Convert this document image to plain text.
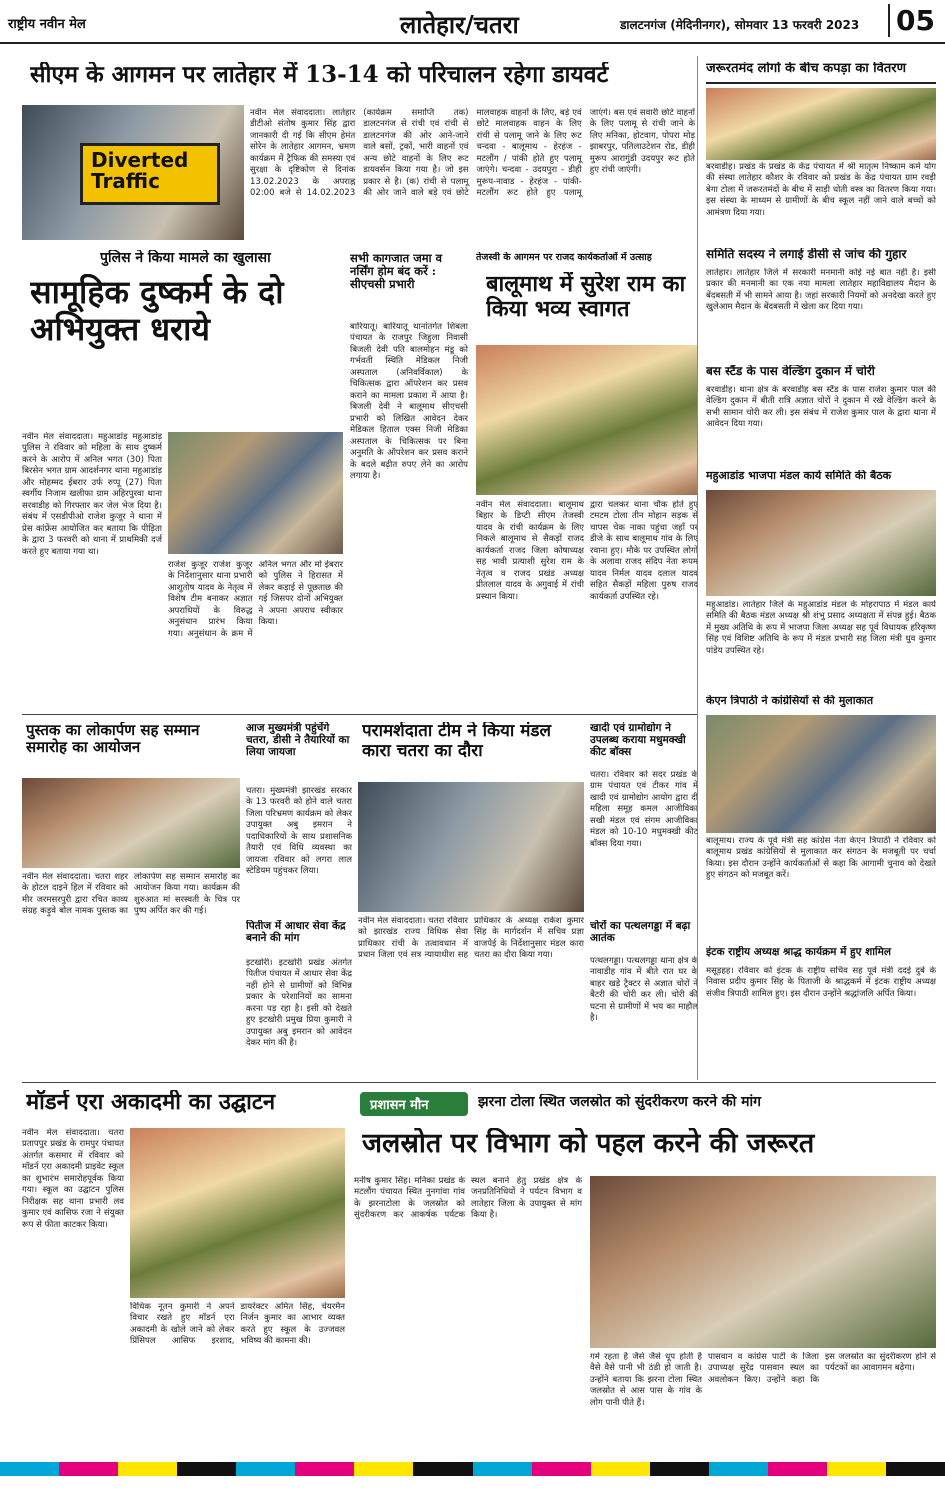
राष्ट्रीय नवीन मेल	लातेहार/चतरा	डालटनगंज (मेदिनीनगर), सोमवार 13 फरवरी 2023 05
सीएम के आगमन पर लातेहार में 13-14 को परिचालन रहेगा डायवर्ट
Diverted Traffic
नवीन मेल संवाददाता। लातेहार डीटीओ संतोष कुमार सिंह द्वारा जानकारी दी गई कि सीएम हेमंत सोरेन के लातेहार आगमन, भ्रमण कार्यक्रम में ट्रैफिक की समस्या एवं सुरक्षा के दृष्टिकोण से दिनांक 13.02.2023 के अपराह्न 02:00 बजे से 14.02.2023 (कार्यक्रम समाप्ति तक) डालटनगंज से रांची एवं रांची से डालटनगंज की ओर आने-जाने वाले बसों, ट्रकों, भारी वाहनों एवं अन्य छोटे वाहनों के लिए रूट डायवर्सन किया गया है। जो इस प्रकार से है। (क) रांची से पलामू की ओर जाने वाले बड़े एवं छोटे मालवाहक वाहनों के लिए, बड़े एवं छोटे मालवाहक वाहन के लिए रांची से पलामू जाने के लिए रूट चन्दवा - बालूमाथ - हेरहंज - मटलौंग / पांकी होते हुए पलामू जाएंगे। चन्दवा - उदयपुरा - डीही मुरूप-नावाड - हेरहंज - पांकी-मटलौंग रूट होते हुए पलामू जाएंगे। बस एवं सवारी छोटे वाहनों के लिए पलामू से रांची जाने के लिए मनिका, होटवाग, पोपरा मोड़ झाबरपुर, पतिलाउटेशन रोड, डीही मुरूप आरागुंडी उदयपुर रूट होते हुए रांची जाएंगी।
जरूरतमंद लोगों के बीच कपड़ा का वितरण
बरवाडीह। प्रखंड के प्रखंड के केंद्र पंचायत में श्री मातृत्म निष्काम कर्म योग की संस्था लातेहार कौशर के रविवार को प्रखंड के केंद्र पंचायत ग्राम रवड़ी बेगा टोला में जरूरतमंदों के बीच में साड़ी धोती वस्त्र का वितरण किया गया। इस संस्था के माध्यम से ग्रामीणों के बीच स्कूल नहीं जाने वाले बच्चों को आमंत्रण दिया गया।
पुलिस ने किया मामले का खुलासा
सामूहिक दुष्कर्म के दो अभियुक्त धराये
नवीन मेल संवाददाता। महुआडांड़ महुआडांड़ पुलिस ने रविवार को महिला के साथ दुष्कर्म करने के आरोप में अनिल भगत (30) पिता बिरसेन भगत ग्राम आदर्शनगर थाना महुआडांड़ और मोहम्मद ईबरार उर्फ रुप्पू (27) पिता स्वर्गीय निजाम खलीफा ग्राम अहिरपुरवा थाना सरवाडीह को गिरफ्तार कर जेल भेज दिया है। संबंध में एसडीपीओ राजेश कुजूर ने थाना में प्रेस कांफ्रेंस आयोजित कर बताया कि पीड़िता के द्वारा 3 फरवरी को थाना में प्राथमिकी दर्ज करते हुए बताया गया था।
राजेश कुजूर राजेश कुजूर के निर्देशानुसार थाना प्रभारी आशुतोष यादव के नेतृत्व में विशेष टीम बनाकर अज्ञात अपराधियों के विरुद्ध अनुसंधान प्रारंभ किया गया। अनुसंधान के क्रम में अनिल भगत और मो ईबरार को पुलिस ने हिरासत में लेकर कड़ाई से पूछताछ की गई जिसपर दोनों अभियुक्त ने अपना अपराध स्वीकार किया।
सभी कागजात जमा व नर्सिंग होम बंद करें : सीएचसी प्रभारी
बारियातू। बारियातू थानांतर्गत शिबला पंचायत के राजपुर जिहुला निवासी बिजली देवी पति बालमोहन मंडू को गर्भवती स्थिति मेडिकल निजी अस्पताल (अनिवर्विकाल) के चिकित्सक द्वारा ऑपरेशन कर प्रसव कराने का मामला प्रकाश में आया है। बिजली देवी ने बालूमाथ सीएचसी प्रभारी को लिखित आवेदन देकर मेडिकल हिताल एक्स निजी मेडिका अस्पताल के चिकित्सक पर बिना अनुमति के ऑपरेशन कर प्रसव कराने के बदले बढ़ीत रुपए लेने का आरोप लगाया है।
तेजस्वी के आगमन पर राजद कार्यकर्ताओं में उत्साह
बालूमाथ में सुरेश राम का किया भव्य स्वागत
नवीन मेल संवाददाता। बालूमाथ बिहार के डिप्टी सीएम तेजस्वी यादव के रांची कार्यक्रम के लिए निकले बालूमाथ से सैकड़ों राजद कार्यकर्ता राजद जिला कोषाध्यक्ष सह भावी प्रत्याशी सुरेश राम के नेतृत्व व राजद प्रखंड अध्यक्ष प्रीतलाल यादव के अगुवाई में रांची प्रस्थान किया।
द्वारा चलकर थाना चौक होते हुए टमटम टोला तीन मोहान सड़क से चापस चेक नाका पहुंचा जहाँ पर डीजे के साथ बालूमाथ गांव के लिए रवाना हुए। मौके पर उपस्थित लोगों के अलावा राजद संदिप नेता रूपम यादव निर्मल यादव दलाल यादव सहित सैकड़ों महिला पुरुष राजद कार्यकर्ता उपस्थित रहे।
समिति सदस्य ने लगाई डीसी से जांच की गुहार
लातेहार। लातेहार जिले में सरकारी मनमानी कोई नई बात नहीं है। इसी प्रकार की मनमानी का एक नया मामला लातेहार महाविद्यालय मैदान के बेंदबसती में भी सामने आया है। जहां सरकारी नियमों को अनदेखा करते हुए खुलेआम मैदान के बेंदबसती में खेला कर दिया गया।
बस स्टैंड के पास वेल्डिंग दुकान में चोरी
बरवाडीह। थाना क्षेत्र के बरवाडीह बस स्टैंड के पास राजेश कुमार पाल की वेल्डिंग दुकान में बीती रात्रि अज्ञात चोरों ने दुकान में रखे वेल्डिंग करने के सभी सामान चोरी कर ली। इस संबंध में राजेश कुमार पाल के द्वारा थाना में आवेदन दिया गया।
महुआडांड भाजपा मंडल कार्य समिति की बैठक
महुआडांड। लातेहार जिले के महुआडांड मंडल के मोहरापाठ में मंडल कार्य समिति की बैठक मंडल अध्यक्ष श्री शंभु प्रसाद अध्यक्षता में संपन्न हुई। बैठक में मुख्य अतिथि के रूप में भाजपा जिला अध्यक्ष सह पूर्व विधायक हरिकृष्ण सिंह एवं विशिष्ट अतिथि के रूप में मंडल प्रभारी सह जिला मंत्री धुव कुमार पांडेय उपस्थित रहे।
केएन त्रिपाठी ने कांग्रेसियों से की मुलाकात
बालूमाथ। राज्य के पूर्व मंत्री सह कांग्रेस नेता केएन त्रिपाठी ने रविवार को बालूमाथ प्रखंड कांग्रेसियों से मुलाकात कर संगठन के मजबूती पर चर्चा किया। इस दौरान उन्होंने कार्यकर्ताओं से कहा कि आगामी चुनाव को देखते हुए संगठन को मजबूत करें।
इंटक राष्ट्रीय अध्यक्ष श्राद्ध कार्यक्रम में हुए शामिल
मसूड़हह। रविवार को इंटक के राष्ट्रीय सचिव सह पूर्व मंत्री ददई दुबे के निवास प्रदीप कुमार सिंह के पिताजी के श्राद्धकर्म में इंटक राष्ट्रीय अध्यक्ष संजीव त्रिपाठी शामिल हुए। इस दौरान उन्होंने श्रद्धांजलि अर्पित किया।
पुस्तक का लोकार्पण सह सम्मान समारोह का आयोजन
नवीन मेल संवाददाता। चतरा शहर के होटल दाइने हिल में रविवार को मीर जरमसरपुरी द्वारा रचित काव्य संग्रह कड़ुवे बोल नामक पुस्तक का लोकार्पण सह सम्मान समारोह का आयोजन किया गया। कार्यक्रम की शुरुआत मां सरस्वती के चित्र पर पुष्प अर्पित कर की गई।
आज मुख्यमंत्री पहुंचेंगे चतरा, डीसी ने तैयारियों का लिया जायजा
चतरा। मुख्यमंत्री झारखंड सरकार के 13 फरवरी को होने वाले चतरा जिला परिभ्रमण कार्यक्रम को लेकर उपायुक्त अबु इमरान ने पदाधिकारियों के साथ प्रशासनिक तैयारी एवं विधि व्यवस्था का जायजा रविवार को लगरा लाल स्टेडियम पहुंचकर लिया।
पितीज में आधार सेवा केंद्र बनाने की मांग
इटखोरी। इटखोरी प्रखंड अंतर्गत पितीज पंचायत में आधार सेवा केंद्र नहीं होने से ग्रामीणों को विभिन्न प्रकार के परेशानियों का सामना करना पड़ रहा है। इसी को देखते हुए इटखोरी प्रमुख प्रिया कुमारी ने उपायुक्त अबु इमरान को आवेदन देकर मांग की है।
परामर्शदाता टीम ने किया मंडल कारा चतरा का दौरा
नवीन मेल संवाददाता। चतरा रविवार को झारखंड राज्य विधिक सेवा प्राधिकार रांची के तत्वावधान में प्रधान जिला एवं सत्र न्यायाधीश सह प्राधिकार के अध्यक्ष राकेश कुमार सिंह के मार्गदर्शन में सचिव प्रज्ञा वाजपेई के निर्देशानुसार मंडल कारा चतरा का दौरा किया गया।
खादी एवं ग्रामोद्योग ने उपलब्ध कराया मधुमक्खी कीट बॉक्स
चतरा। रविवार को सदर प्रखंड के ग्राम पंचायत एवं टीकर गांव में खादी एवं ग्रामोद्योग आयोग द्वारा दी महिला समूह कमल आजीविका सखी मंडल एवं संगम आजीविका मंडल को 10-10 मधुमक्खी कीट बॉक्स दिया गया।
चोरों का पत्थलगड्डा में बढ़ा आतंक
पत्थलगड्डा। पत्थलगड्डा थाना क्षेत्र के नावाडीह गांव में बीते रात घर के बाहर खड़े ट्रैक्टर से अज्ञात चोरों ने बैटरी की चोरी कर ली। चोरी की घटना से ग्रामीणों में भय का माहौल है।
मॉडर्न एरा अकादमी का उद्घाटन
नवीन मेल संवाददाता। चतरा प्रतापपुर प्रखंड के रामपुर पंचायत अंतर्गत कसमार में रविवार को मॉडर्न एरा अकादमी प्राइवेट स्कूल का शुभारंभ समारोहपूर्वक किया गया। स्कूल का उद्घाटन पुलिस निरीक्षक सह थाना प्रभारी लव कुमार एवं कासिफ रजा ने संयुक्त रूप से फीता काटकर किया।
विधिक नूतन कुमारी ने अपने विचार रखते हुए मॉडर्न एरा अकादमी के खोले जाने को लेकर प्रिंसिपल आसिफ इरशाद, डायरेक्टर अमित सिंह, चेयरमैन निर्जन कुमार का आभार व्यक्त करते हुए स्कूल के उज्जवल भविष्य की कामना की।
प्रशासन मौन	झरना टोला स्थित जलस्रोत को सुंदरीकरण करने की मांग
जलस्रोत पर विभाग को पहल करने की जरूरत
मनीष कुमार सिंह। मनिका प्रखंड के मटलौंग पंचायत स्थित नुनगांवा गांव के झरनाटोला के जलस्रोत को सुंदरीकरण कर आकर्षक पर्यटक स्थल बनाने हेतु प्रखंड क्षेत्र के जनप्रतिनिधियों ने पर्यटन विभाग व लातेहार जिला के उपायुक्त से मांग किया है।
गर्म रहता है जैसे जैसे धूप होती है वैसे वैसे पानी भी ठंडी हो जाती है। उन्होंने बताया कि झरना टोला स्थित जलस्रोत से आस पास के गांव के लोग पानी पीते हैं।
पासवान व कांग्रेस पार्टी के जिला उपाध्यक्ष सुरेंद्र पासवान स्थल का अवलोकन किए। उन्होंने कहा कि इस जलस्रोत का सुंदरीकरण होने से पर्यटकों का आवागमन बढ़ेगा।
